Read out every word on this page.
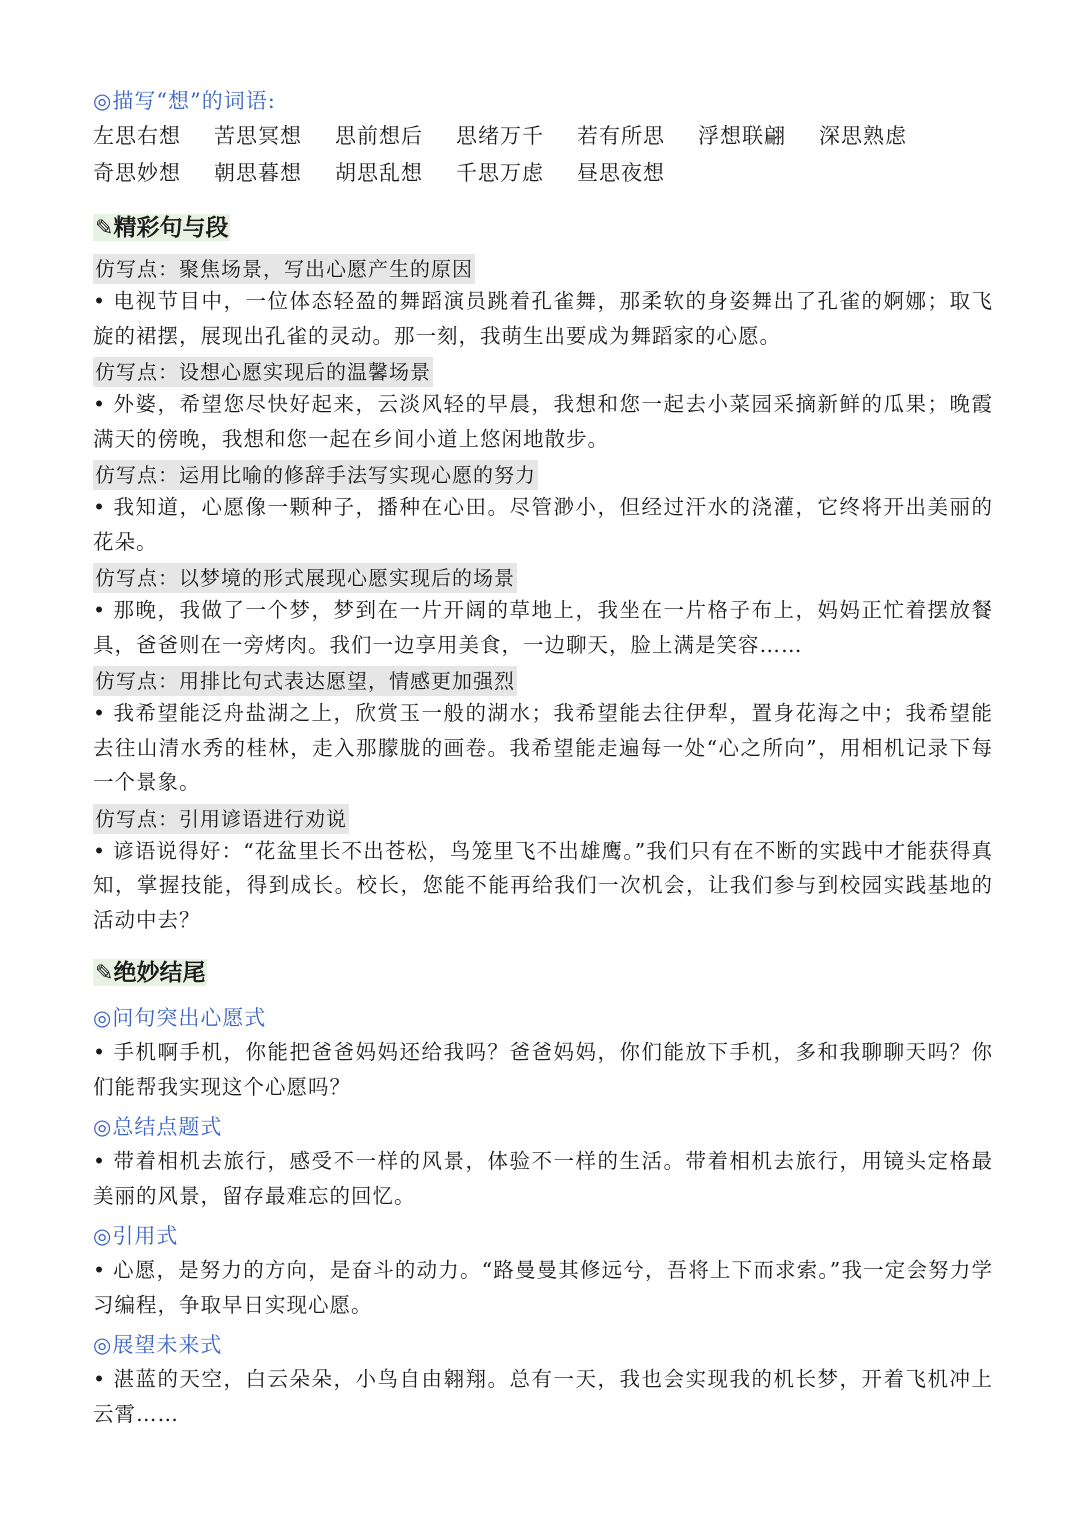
◎描写“想”的词语:
左思右想	苦思冥想	思前想后	思绪万千	若有所思	浮想联翩	深思熟虑
奇思妙想	朝思暮想	胡思乱想	千思万虑	昼思夜想
✎精彩句与段
仿写点：聚焦场景，写出心愿产生的原因
• 电视节目中，一位体态轻盈的舞蹈演员跳着孔雀舞，那柔软的身姿舞出了孔雀的婀娜；取飞旋的裙摆，展现出孔雀的灵动。那一刻，我萌生出要成为舞蹈家的心愿。
仿写点：设想心愿实现后的温馨场景
• 外婆，希望您尽快好起来，云淡风轻的早晨，我想和您一起去小菜园采摘新鲜的瓜果；晚霞满天的傍晚，我想和您一起在乡间小道上悠闲地散步。
仿写点：运用比喻的修辞手法写实现心愿的努力
• 我知道，心愿像一颗种子，播种在心田。尽管渺小，但经过汗水的浇灌，它终将开出美丽的花朵。
仿写点：以梦境的形式展现心愿实现后的场景
• 那晚，我做了一个梦，梦到在一片开阔的草地上，我坐在一片格子布上，妈妈正忙着摆放餐具，爸爸则在一旁烤肉。我们一边享用美食，一边聊天，脸上满是笑容……
仿写点：用排比句式表达愿望，情感更加强烈
• 我希望能泛舟盐湖之上，欣赏玉一般的湖水；我希望能去往伊犁，置身花海之中；我希望能去往山清水秀的桂林，走入那朦胧的画卷。我希望能走遍每一处“心之所向”，用相机记录下每一个景象。
仿写点：引用谚语进行劝说
• 谚语说得好：“花盆里长不出苍松，鸟笼里飞不出雄鹰。”我们只有在不断的实践中才能获得真知，掌握技能，得到成长。校长，您能不能再给我们一次机会，让我们参与到校园实践基地的活动中去？
✎绝妙结尾
◎问句突出心愿式
• 手机啊手机，你能把爸爸妈妈还给我吗？爸爸妈妈，你们能放下手机，多和我聊聊天吗？你们能帮我实现这个心愿吗？
◎总结点题式
• 带着相机去旅行，感受不一样的风景，体验不一样的生活。带着相机去旅行，用镜头定格最美丽的风景，留存最难忘的回忆。
◎引用式
• 心愿，是努力的方向，是奋斗的动力。“路曼曼其修远兮，吾将上下而求索。”我一定会努力学习编程，争取早日实现心愿。
◎展望未来式
• 湛蓝的天空，白云朵朵，小鸟自由翱翔。总有一天，我也会实现我的机长梦，开着飞机冲上云霄……
